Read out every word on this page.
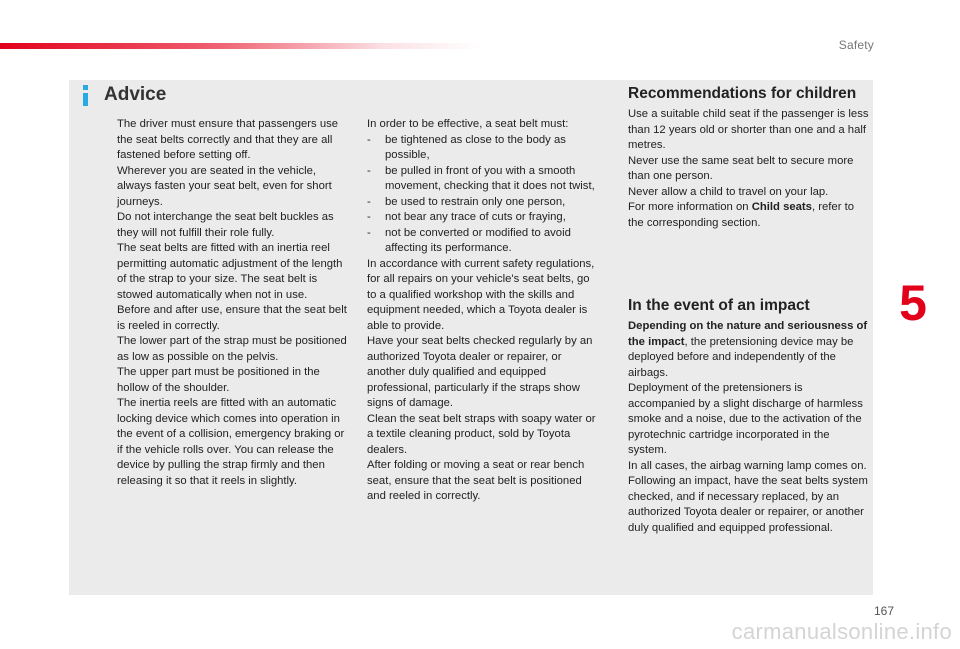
Safety
5
Advice

The driver must ensure that passengers use the seat belts correctly and that they are all fastened before setting off.

Wherever you are seated in the vehicle, always fasten your seat belt, even for short journeys.

Do not interchange the seat belt buckles as they will not fulfill their role fully.

The seat belts are fitted with an inertia reel permitting automatic adjustment of the length of the strap to your size. The seat belt is stowed automatically when not in use.

Before and after use, ensure that the seat belt is reeled in correctly.

The lower part of the strap must be positioned as low as possible on the pelvis.

The upper part must be positioned in the hollow of the shoulder.

The inertia reels are fitted with an automatic locking device which comes into operation in the event of a collision, emergency braking or if the vehicle rolls over. You can release the device by pulling the strap firmly and then releasing it so that it reels in slightly.

In order to be effective, a seat belt must:

-	be tightened as close to the body as possible,
-	be pulled in front of you with a smooth movement, checking that it does not twist,
-	be used to restrain only one person,
-	not bear any trace of cuts or fraying,
-	not be converted or modified to avoid affecting its performance.

In accordance with current safety regulations, for all repairs on your vehicle's seat belts, go to a qualified workshop with the skills and equipment needed, which a Toyota dealer is able to provide.

Have your seat belts checked regularly by an authorized Toyota dealer or repairer, or another duly qualified and equipped professional, particularly if the straps show signs of damage.

Clean the seat belt straps with soapy water or a textile cleaning product, sold by Toyota dealers.

After folding or moving a seat or rear bench seat, ensure that the seat belt is positioned and reeled in correctly.

Recommendations for children

Use a suitable child seat if the passenger is less than 12 years old or shorter than one and a half metres.

Never use the same seat belt to secure more than one person.

Never allow a child to travel on your lap.

For more information on Child seats, refer to the corresponding section.

In the event of an impact

Depending on the nature and seriousness of the impact, the pretensioning device may be deployed before and independently of the airbags.

Deployment of the pretensioners is accompanied by a slight discharge of harmless smoke and a noise, due to the activation of the pyrotechnic cartridge incorporated in the system.

In all cases, the airbag warning lamp comes on.

Following an impact, have the seat belts system checked, and if necessary replaced, by an authorized Toyota dealer or repairer, or another duly qualified and equipped professional.

167
carmanualsonline.info
